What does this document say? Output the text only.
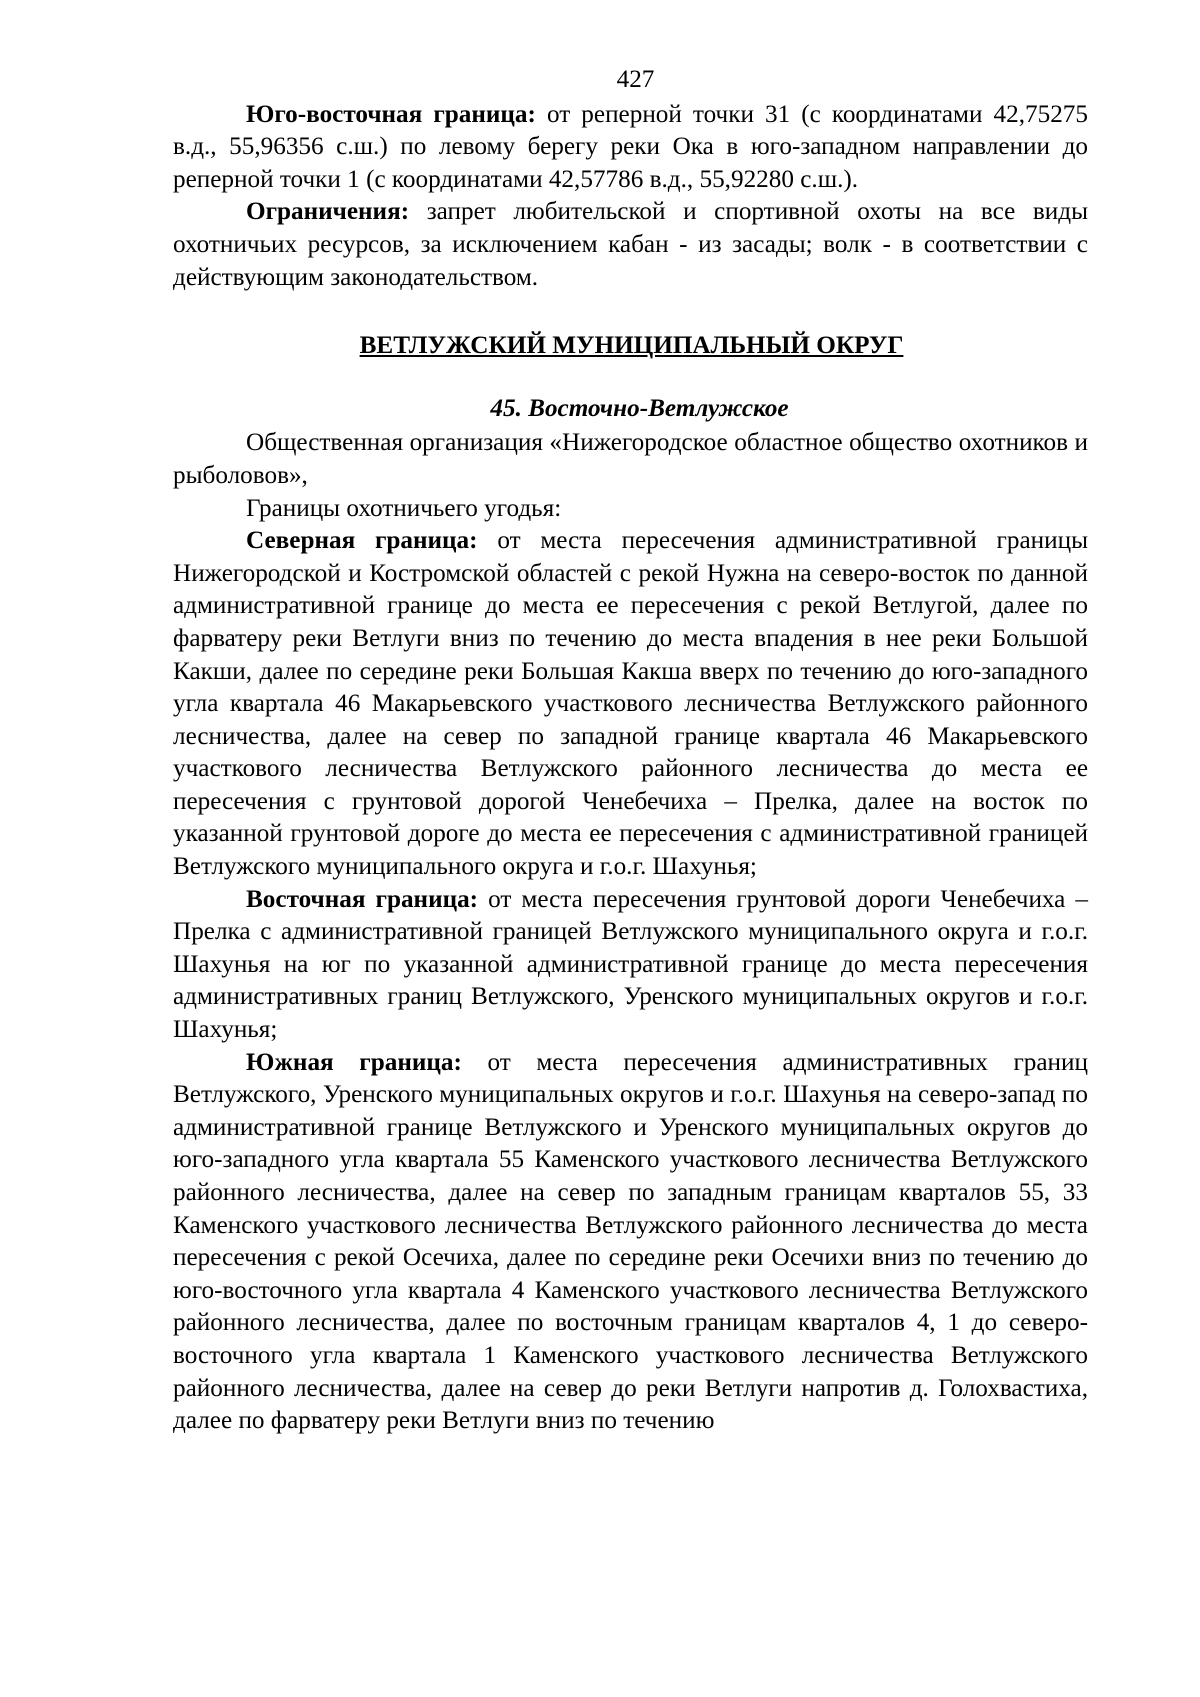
427

Юго-восточная граница: от реперной точки 31 (с координатами 42,75275 в.д., 55,96356 с.ш.) по левому берегу реки Ока в юго-западном направлении до реперной точки 1 (с координатами 42,57786 в.д., 55,92280 с.ш.).

Ограничения: запрет любительской и спортивной охоты на все виды охотничьих ресурсов, за исключением кабан - из засады; волк - в соответствии с действующим законодательством.

ВЕТЛУЖСКИЙ МУНИЦИПАЛЬНЫЙ ОКРУГ
45. Восточно-Ветлужское

Общественная организация «Нижегородское областное общество охотников и рыболовов»,

Границы охотничьего угодья:

Северная граница: от места пересечения административной границы Нижегородской и Костромской областей с рекой Нужна на северо-восток по данной административной границе до места ее пересечения с рекой Ветлугой, далее по фарватеру реки Ветлуги вниз по течению до места впадения в нее реки Большой Какши, далее по середине реки Большая Какша вверх по течению до юго-западного угла квартала 46 Макарьевского участкового лесничества Ветлужского районного лесничества, далее на север по западной границе квартала 46 Макарьевского участкового лесничества Ветлужского районного лесничества до места ее пересечения с грунтовой дорогой Ченебечиха – Прелка, далее на восток по указанной грунтовой дороге до места ее пересечения с административной границей Ветлужского муниципального округа и г.о.г. Шахунья;

Восточная граница: от места пересечения грунтовой дороги Ченебечиха – Прелка с административной границей Ветлужского муниципального округа и г.о.г. Шахунья на юг по указанной административной границе до места пересечения административных границ Ветлужского, Уренского муниципальных округов и г.о.г. Шахунья;

Южная граница: от места пересечения административных границ Ветлужского, Уренского муниципальных округов и г.о.г. Шахунья на северо-запад по административной границе Ветлужского и Уренского муниципальных округов до юго-западного угла квартала 55 Каменского участкового лесничества Ветлужского районного лесничества, далее на север по западным границам кварталов 55, 33 Каменского участкового лесничества Ветлужского районного лесничества до места пересечения с рекой Осечиха, далее по середине реки Осечихи вниз по течению до юго-восточного угла квартала 4 Каменского участкового лесничества Ветлужского районного лесничества, далее по восточным границам кварталов 4, 1 до северо-восточного угла квартала 1 Каменского участкового лесничества Ветлужского районного лесничества, далее на север до реки Ветлуги напротив д. Голохвастиха, далее по фарватеру реки Ветлуги вниз по течению
